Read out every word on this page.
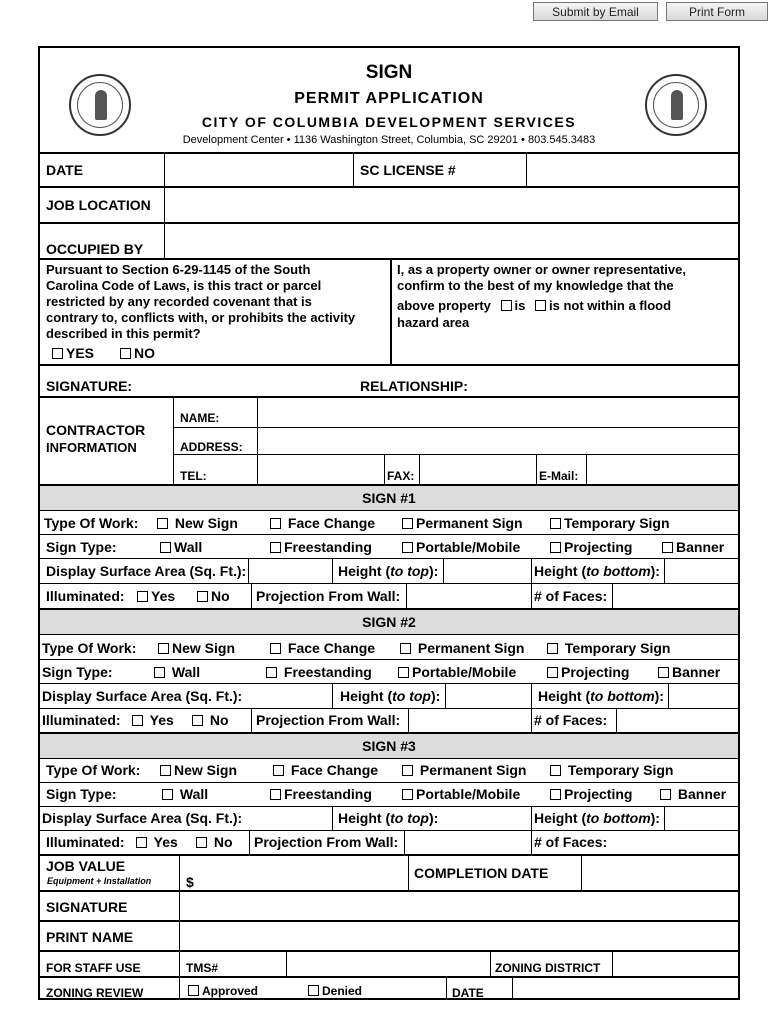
Submit by Email	Print Form
SIGN
PERMIT APPLICATION
CITY OF COLUMBIA DEVELOPMENT SERVICES
Development Center • 1136 Washington Street, Columbia, SC 29201 • 803.545.3483
DATE	SC LICENSE #
JOB LOCATION
OCCUPIED BY
Pursuant to Section 6-29-1145 of the South
Carolina Code of Laws, is this tract or parcel
restricted by any recorded covenant that is
contrary to, conflicts with, or prohibits the activity
described in this permit?
YES	NO
I, as a property owner or owner representative,
confirm to the best of my knowledge that the
above property is is not within a flood
hazard area
SIGNATURE:	RELATIONSHIP:
CONTRACTOR
INFORMATION
NAME:
ADDRESS:
TEL:	FAX:	E-Mail:
SIGN #1
Type Of Work:	New Sign	Face Change	Permanent Sign	Temporary Sign
Sign Type:	Wall	Freestanding	Portable/Mobile	Projecting	Banner
Display Surface Area (Sq. Ft.):	Height (to top):	Height (to bottom):
Illuminated:	Yes	No Projection From Wall:	# of Faces:
SIGN #2
Type Of Work:	New Sign	Face Change	Permanent Sign	Temporary Sign
Sign Type:	Wall	Freestanding	Portable/Mobile	Projecting	Banner
Display Surface Area (Sq. Ft.):	Height (to top):	Height (to bottom):
Illuminated:	Yes	No Projection From Wall:	# of Faces:
SIGN #3
Type Of Work:	New Sign	Face Change	Permanent Sign	Temporary Sign
Sign Type:	Wall	Freestanding	Portable/Mobile	Projecting	Banner
Display Surface Area (Sq. Ft.):	Height (to top):	Height (to bottom):
Illuminated:	Yes	No Projection From Wall:	# of Faces:
JOB VALUE
Equipment + Installation $
COMPLETION DATE
SIGNATURE
PRINT NAME
FOR STAFF USE	TMS#	ZONING DISTRICT
ZONING REVIEW	Approved	Denied	DATE
